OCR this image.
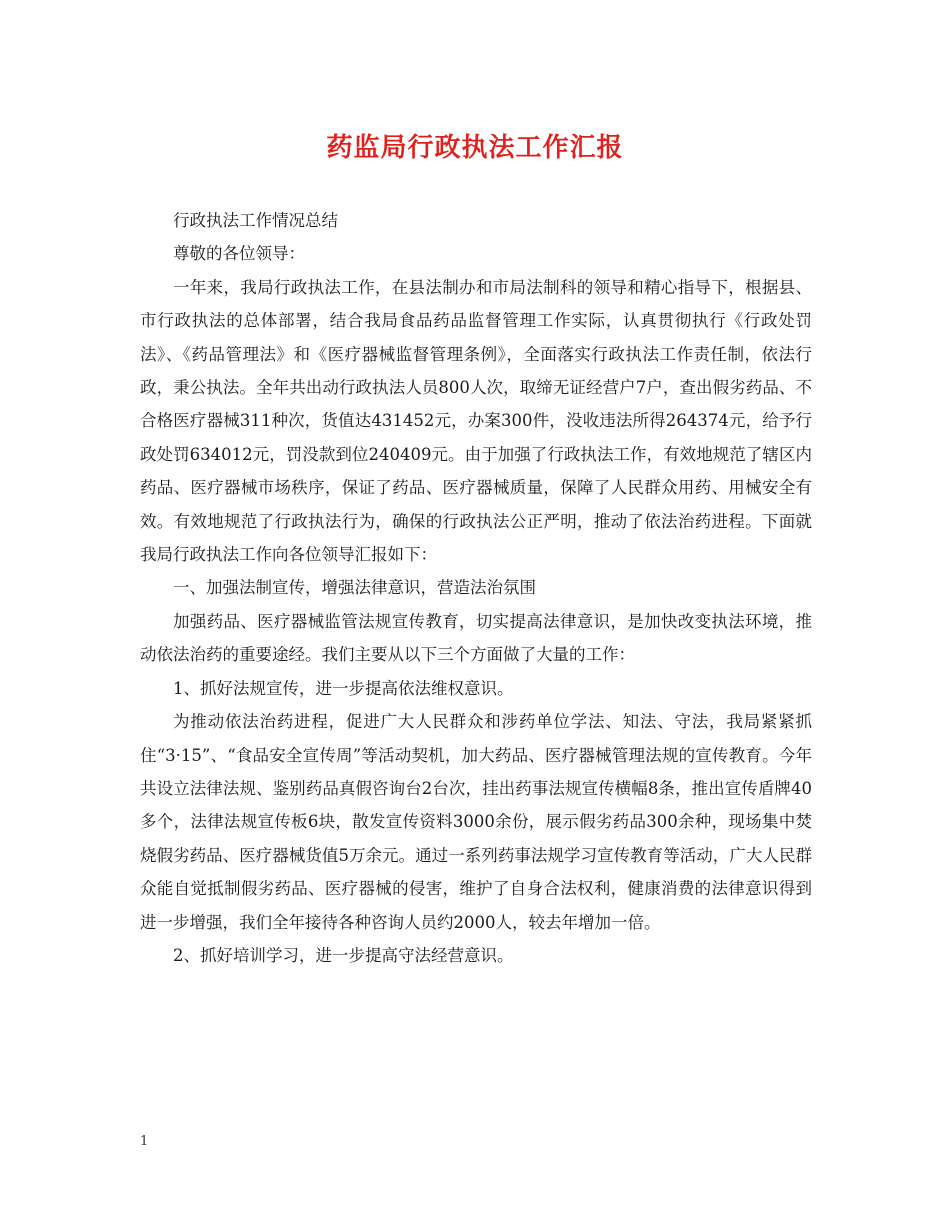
药监局行政执法工作汇报

行政执法工作情况总结

尊敬的各位领导：

一年来，我局行政执法工作，在县法制办和市局法制科的领导和精心指导下，根据县、市行政执法的总体部署，结合我局食品药品监督管理工作实际，认真贯彻执行《行政处罚法》、《药品管理法》和《医疗器械监督管理条例》，全面落实行政执法工作责任制，依法行政，秉公执法。全年共出动行政执法人员800人次，取缔无证经营户7户，查出假劣药品、不合格医疗器械311种次，货值达431452元，办案300件，没收违法所得264374元，给予行政处罚634012元，罚没款到位240409元。由于加强了行政执法工作，有效地规范了辖区内药品、医疗器械市场秩序，保证了药品、医疗器械质量，保障了人民群众用药、用械安全有效。有效地规范了行政执法行为，确保的行政执法公正严明，推动了依法治药进程。下面就我局行政执法工作向各位领导汇报如下：

一、加强法制宣传，增强法律意识，营造法治氛围

加强药品、医疗器械监管法规宣传教育，切实提高法律意识，是加快改变执法环境，推动依法治药的重要途经。我们主要从以下三个方面做了大量的工作：

1、抓好法规宣传，进一步提高依法维权意识。

为推动依法治药进程，促进广大人民群众和涉药单位学法、知法、守法，我局紧紧抓住“3·15”、“食品安全宣传周”等活动契机，加大药品、医疗器械管理法规的宣传教育。今年共设立法律法规、鉴别药品真假咨询台2台次，挂出药事法规宣传横幅8条，推出宣传盾牌40多个，法律法规宣传板6块，散发宣传资料3000余份，展示假劣药品300余种，现场集中焚烧假劣药品、医疗器械货值5万余元。通过一系列药事法规学习宣传教育等活动，广大人民群众能自觉抵制假劣药品、医疗器械的侵害，维护了自身合法权利，健康消费的法律意识得到进一步增强，我们全年接待各种咨询人员约2000人，较去年增加一倍。

2、抓好培训学习，进一步提高守法经营意识。

1
